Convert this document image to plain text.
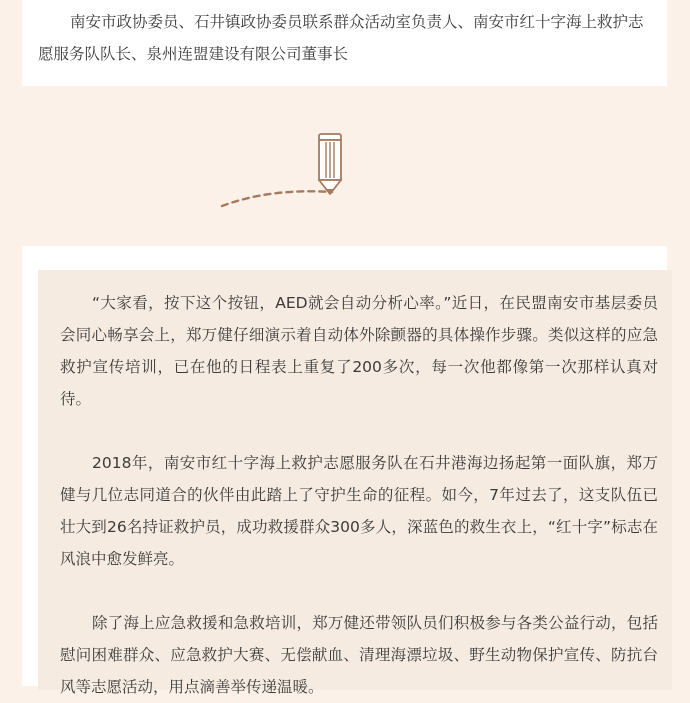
南安市政协委员、石井镇政协委员联系群众活动室负责人、南安市红十字海上救护志愿服务队队长、泉州连盟建设有限公司董事长

“大家看，按下这个按钮，AED就会自动分析心率。”近日，在民盟南安市基层委员会同心畅享会上，郑万健仔细演示着自动体外除颤器的具体操作步骤。类似这样的应急救护宣传培训，已在他的日程表上重复了200多次，每一次他都像第一次那样认真对待。

2018年，南安市红十字海上救护志愿服务队在石井港海边扬起第一面队旗，郑万健与几位志同道合的伙伴由此踏上了守护生命的征程。如今，7年过去了，这支队伍已壮大到26名持证救护员，成功救援群众300多人，深蓝色的救生衣上，“红十字”标志在风浪中愈发鲜亮。

除了海上应急救援和急救培训，郑万健还带领队员们积极参与各类公益行动，包括慰问困难群众、应急救护大赛、无偿献血、清理海漂垃圾、野生动物保护宣传、防抗台风等志愿活动，用点滴善举传递温暖。
